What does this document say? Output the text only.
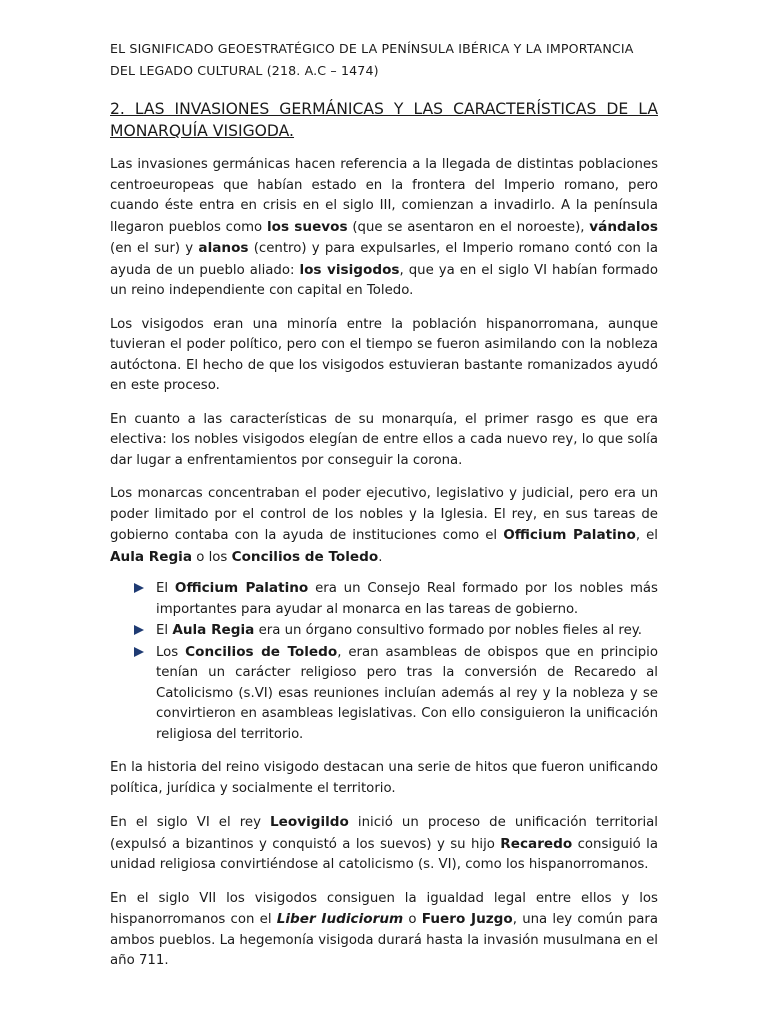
EL SIGNIFICADO GEOESTRATÉGICO DE LA PENÍNSULA IBÉRICA Y LA IMPORTANCIA
DEL LEGADO CULTURAL (218. A.C – 1474)

2. LAS INVASIONES GERMÁNICAS Y LAS CARACTERÍSTICAS DE LA MONARQUÍA VISIGODA.

Las invasiones germánicas hacen referencia a la llegada de distintas poblaciones centroeuropeas que habían estado en la frontera del Imperio romano, pero cuando éste entra en crisis en el siglo III, comienzan a invadirlo. A la península llegaron pueblos como los suevos (que se asentaron en el noroeste), vándalos (en el sur) y alanos (centro) y para expulsarles, el Imperio romano contó con la ayuda de un pueblo aliado: los visigodos, que ya en el siglo VI habían formado un reino independiente con capital en Toledo.

Los visigodos eran una minoría entre la población hispanorromana, aunque tuvieran el poder político, pero con el tiempo se fueron asimilando con la nobleza autóctona. El hecho de que los visigodos estuvieran bastante romanizados ayudó en este proceso.

En cuanto a las características de su monarquía, el primer rasgo es que era electiva: los nobles visigodos elegían de entre ellos a cada nuevo rey, lo que solía dar lugar a enfrentamientos por conseguir la corona.

Los monarcas concentraban el poder ejecutivo, legislativo y judicial, pero era un poder limitado por el control de los nobles y la Iglesia. El rey, en sus tareas de gobierno contaba con la ayuda de instituciones como el Officium Palatino, el Aula Regia o los Concilios de Toledo.

El Officium Palatino era un Consejo Real formado por los nobles más importantes para ayudar al monarca en las tareas de gobierno.
El Aula Regia era un órgano consultivo formado por nobles fieles al rey.
Los Concilios de Toledo, eran asambleas de obispos que en principio tenían un carácter religioso pero tras la conversión de Recaredo al Catolicismo (s.VI) esas reuniones incluían además al rey y la nobleza y se convirtieron en asambleas legislativas. Con ello consiguieron la unificación religiosa del territorio.

En la historia del reino visigodo destacan una serie de hitos que fueron unificando política, jurídica y socialmente el territorio.

En el siglo VI el rey Leovigildo inició un proceso de unificación territorial (expulsó a bizantinos y conquistó a los suevos) y su hijo Recaredo consiguió la unidad religiosa convirtiéndose al catolicismo (s. VI), como los hispanorromanos.

En el siglo VII los visigodos consiguen la igualdad legal entre ellos y los hispanorromanos con el Liber Iudiciorum o Fuero Juzgo, una ley común para ambos pueblos. La hegemonía visigoda durará hasta la invasión musulmana en el año 711.
